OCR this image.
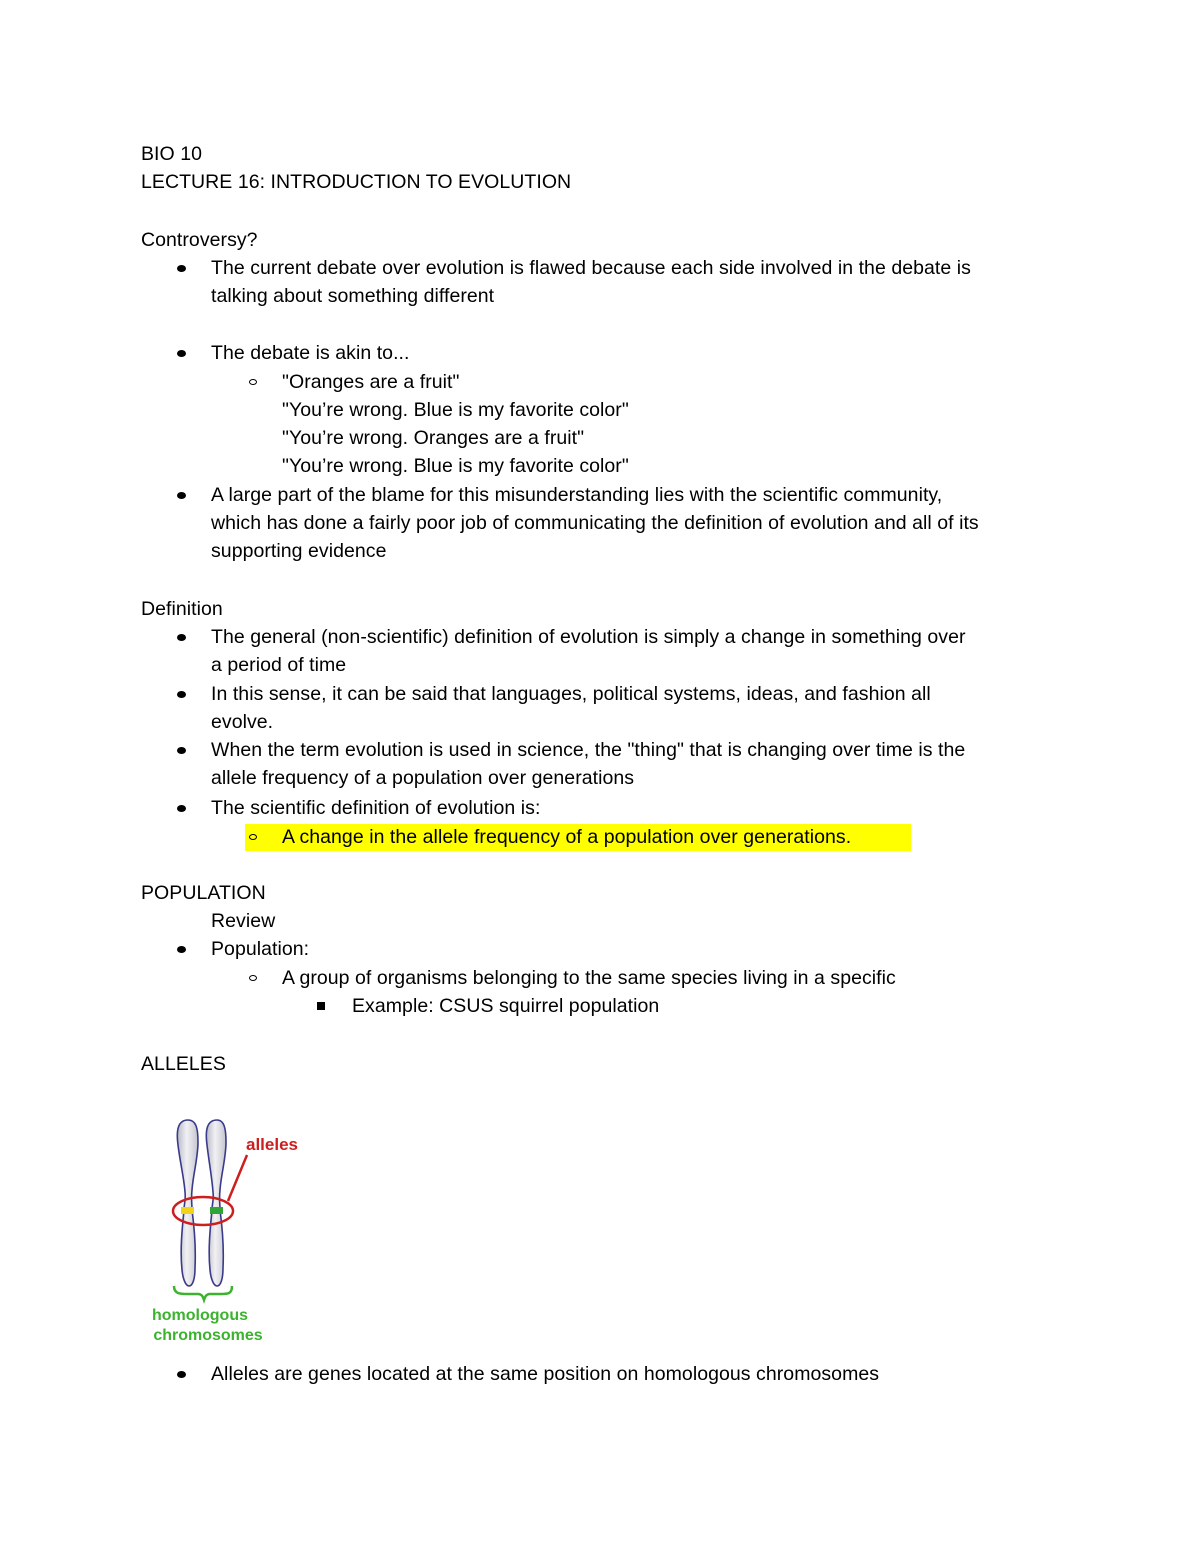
BIO 10
LECTURE 16: INTRODUCTION TO EVOLUTION
Controversy?
The current debate over evolution is flawed because each side involved in the debate is
talking about something different
The debate is akin to...
"Oranges are a fruit"
"You’re wrong. Blue is my favorite color"
"You’re wrong. Oranges are a fruit"
"You’re wrong. Blue is my favorite color"
A large part of the blame for this misunderstanding lies with the scientific community,
which has done a fairly poor job of communicating the definition of evolution and all of its
supporting evidence
Definition
The general (non-scientific) definition of evolution is simply a change in something over
a period of time
In this sense, it can be said that languages, political systems, ideas, and fashion all
evolve.
When the term evolution is used in science, the "thing" that is changing over time is the
allele frequency of a population over generations
The scientific definition of evolution is:
A change in the allele frequency of a population over generations.
POPULATION
Review
Population:
A group of organisms belonging to the same species living in a specific
Example: CSUS squirrel population
ALLELES
alleles
homologous
chromosomes
Alleles are genes located at the same position on homologous chromosomes
